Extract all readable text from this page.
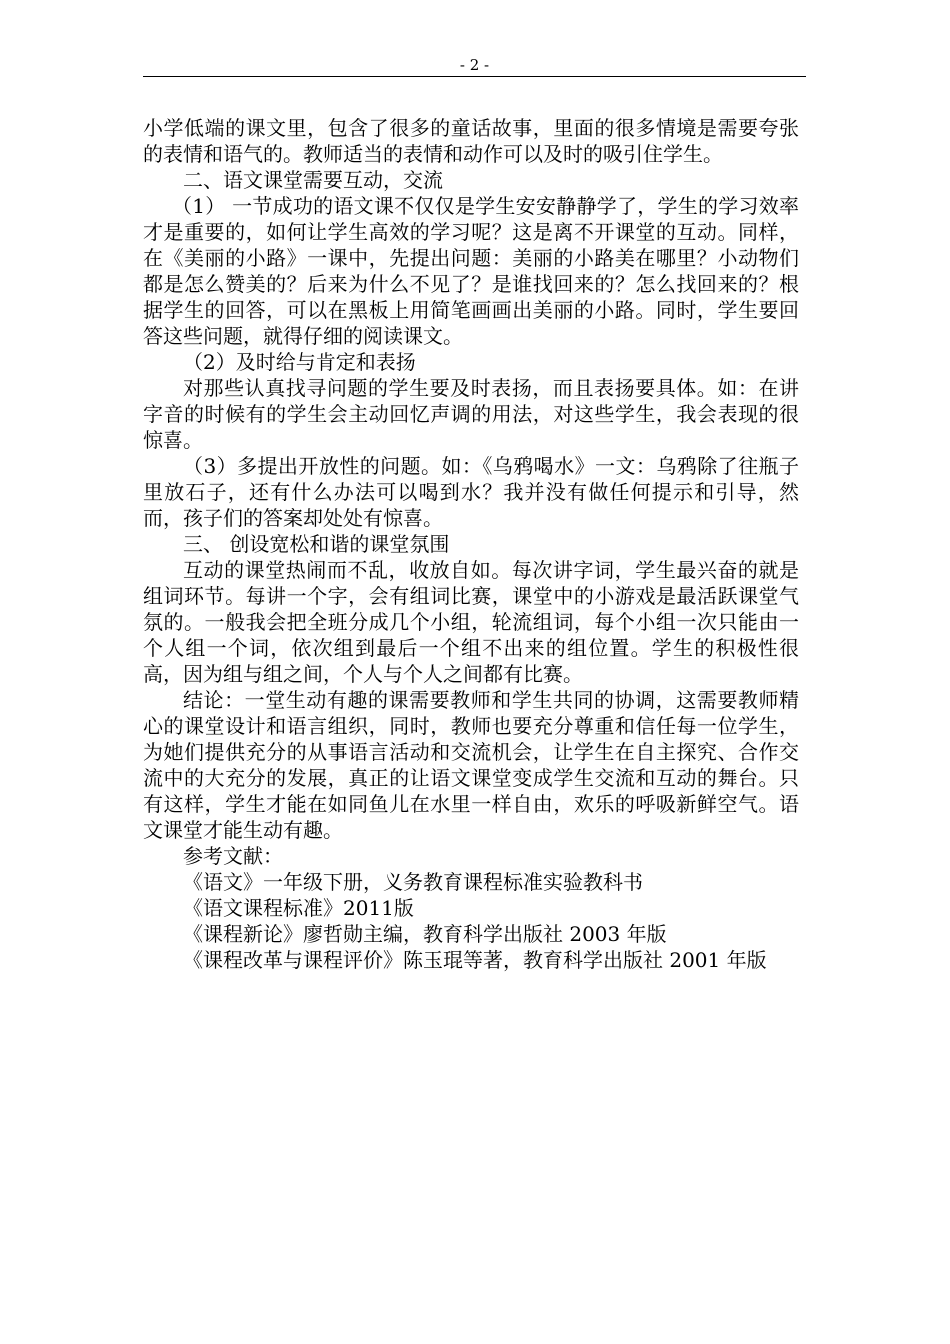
- 2 -

小学低端的课文里，包含了很多的童话故事，里面的很多情境是需要夸张的表情和语气的。教师适当的表情和动作可以及时的吸引住学生。

二、语文课堂需要互动，交流

（1） 一节成功的语文课不仅仅是学生安安静静学了，学生的学习效率才是重要的，如何让学生高效的学习呢？这是离不开课堂的互动。同样，在《美丽的小路》一课中，先提出问题：美丽的小路美在哪里？小动物们都是怎么赞美的？后来为什么不见了？是谁找回来的？怎么找回来的？根据学生的回答，可以在黑板上用简笔画画出美丽的小路。同时，学生要回答这些问题，就得仔细的阅读课文。

（2）及时给与肯定和表扬

对那些认真找寻问题的学生要及时表扬，而且表扬要具体。如：在讲字音的时候有的学生会主动回忆声调的用法，对这些学生，我会表现的很惊喜。

（3）多提出开放性的问题。如：《乌鸦喝水》一文：乌鸦除了往瓶子里放石子，还有什么办法可以喝到水？我并没有做任何提示和引导，然而，孩子们的答案却处处有惊喜。

三、 创设宽松和谐的课堂氛围

互动的课堂热闹而不乱，收放自如。每次讲字词，学生最兴奋的就是组词环节。每讲一个字，会有组词比赛，课堂中的小游戏是最活跃课堂气氛的。一般我会把全班分成几个小组，轮流组词，每个小组一次只能由一个人组一个词，依次组到最后一个组不出来的组位置。学生的积极性很高，因为组与组之间，个人与个人之间都有比赛。

结论：一堂生动有趣的课需要教师和学生共同的协调，这需要教师精心的课堂设计和语言组织，同时，教师也要充分尊重和信任每一位学生，为她们提供充分的从事语言活动和交流机会，让学生在自主探究、合作交流中的大充分的发展，真正的让语文课堂变成学生交流和互动的舞台。只有这样，学生才能在如同鱼儿在水里一样自由，欢乐的呼吸新鲜空气。语文课堂才能生动有趣。

参考文献：

《语文》一年级下册，义务教育课程标准实验教科书

《语文课程标准》2011版

《课程新论》廖哲勋主编，教育科学出版社 2003 年版

《课程改革与课程评价》陈玉琨等著，教育科学出版社 2001 年版
